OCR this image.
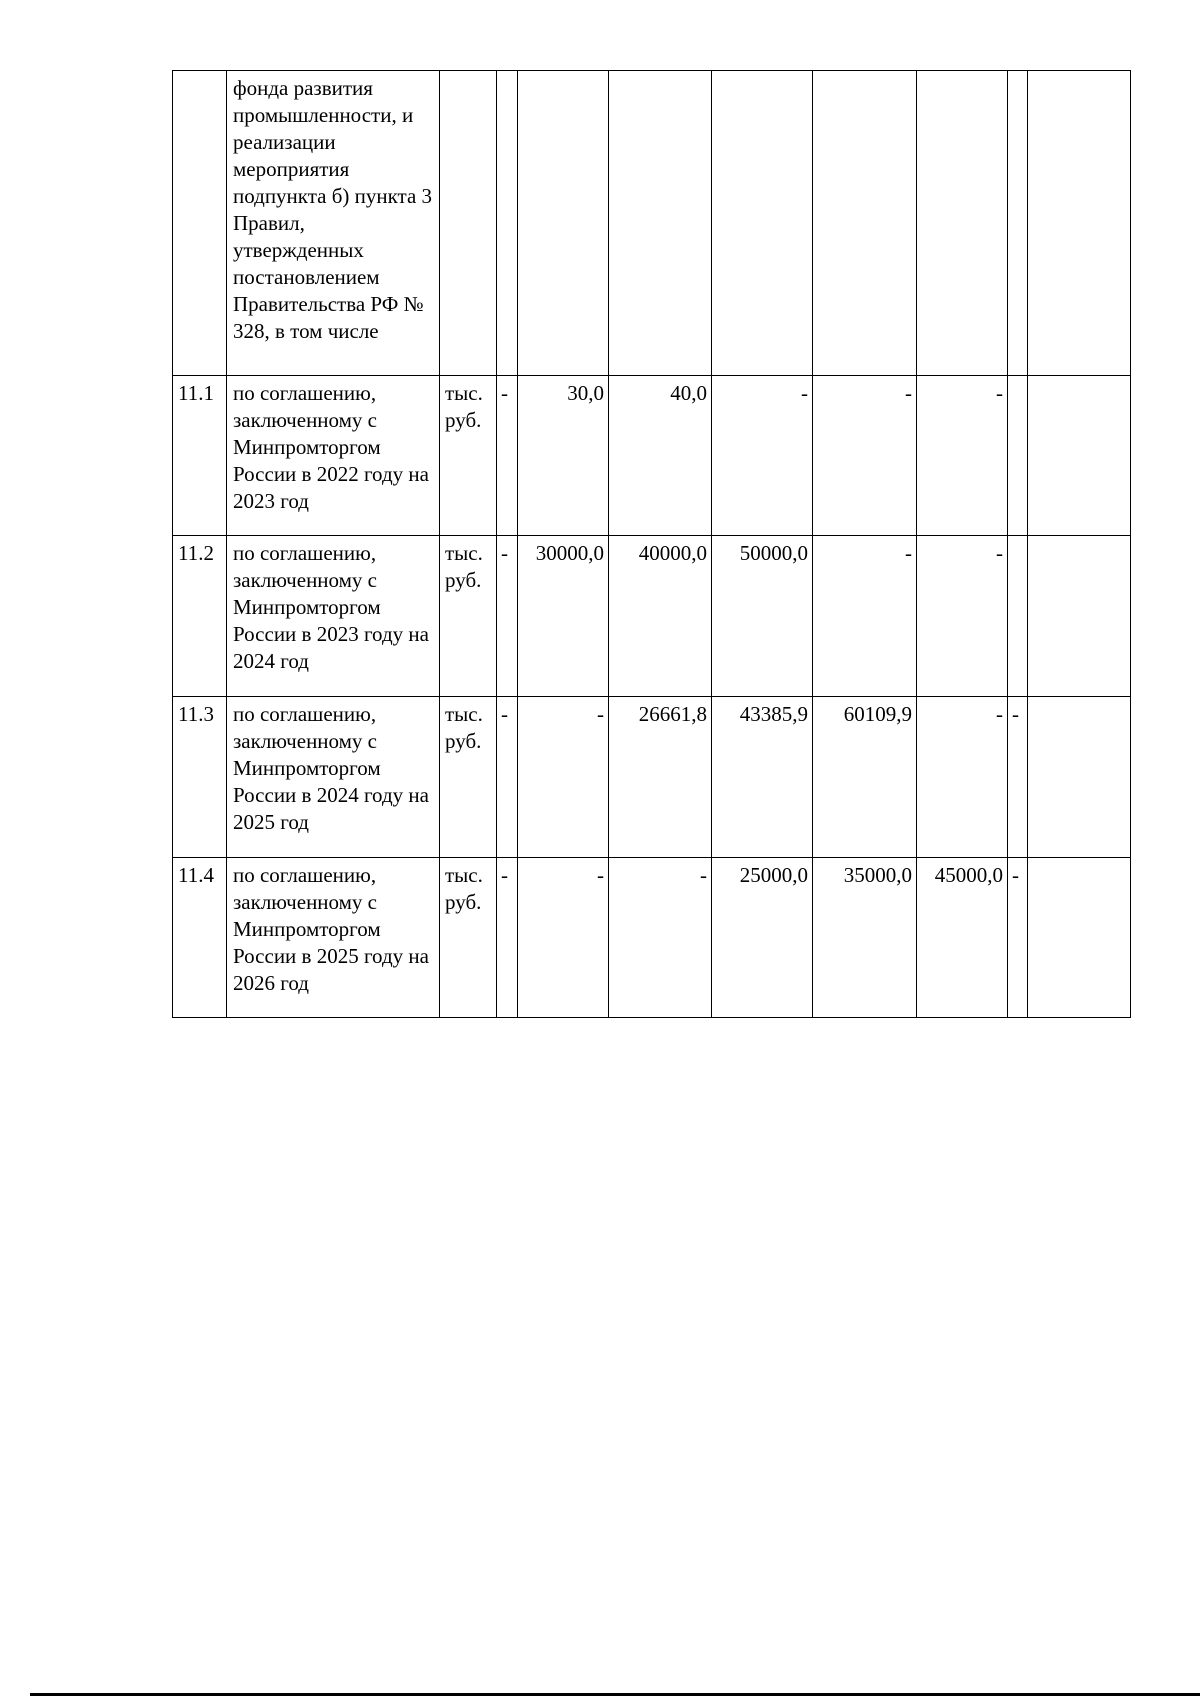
	фонда развития промышленности, и реализации мероприятия подпункта б) пункта 3 Правил, утвержденных постановлением Правительства РФ № 328, в том числе									
11.1	по соглашению, заключенному с Минпромторгом России в 2022 году на 2023 год	тыс. руб.	-	30,0	40,0	-	-	-		
11.2	по соглашению, заключенному с Минпромторгом России в 2023 году на 2024 год	тыс. руб.	-	30000,0	40000,0	50000,0	-	-		
11.3	по соглашению, заключенному с Минпромторгом России в 2024 году на 2025 год	тыс. руб.	-	-	26661,8	43385,9	60109,9	-	-	
11.4	по соглашению, заключенному с Минпромторгом России в 2025 году на 2026 год	тыс. руб.	-	-	-	25000,0	35000,0	45000,0	-	
